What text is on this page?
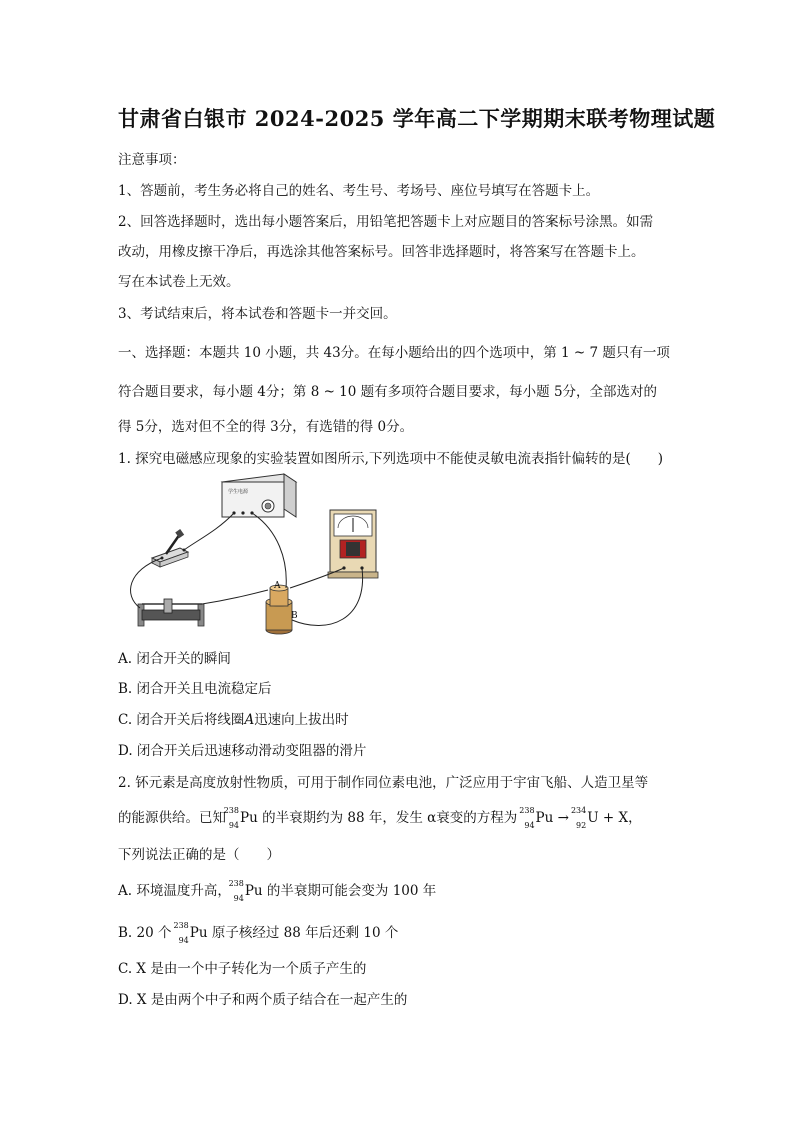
甘肃省白银市 2024-2025 学年高二下学期期末联考物理试题
注意事项：
1、答题前，考生务必将自己的姓名、考生号、考场号、座位号填写在答题卡上。
2、回答选择题时，选出每小题答案后，用铅笔把答题卡上对应题目的答案标号涂黑。如需
改动，用橡皮擦干净后，再选涂其他答案标号。回答非选择题时，将答案写在答题卡上。
写在本试卷上无效。
3、考试结束后，将本试卷和答题卡一并交回。
一、选择题：本题共 10 小题，共 43分。在每小题给出的四个选项中，第 1 ~ 7 题只有一项
符合题目要求，每小题 4分；第 8 ~ 10 题有多项符合题目要求，每小题 5分，全部选对的
得 5分，选对但不全的得 3分，有选错的得 0分。
1. 探究电磁感应现象的实验装置如图所示,下列选项中不能使灵敏电流表指针偏转的是(　　)
学生电源
A
B
A. 闭合开关的瞬间
B. 闭合开关且电流稳定后
C. 闭合开关后将线圈A迅速向上拔出时
D. 闭合开关后迅速移动滑动变阻器的滑片
2. 钚元素是高度放射性物质，可用于制作同位素电池，广泛应用于宇宙飞船、人造卫星等
的能源供给。已知
238
94 Pu 的半衰期约为 88 年，发生 α衰变的方程为 238
94 Pu → 234
92 U + X，
下列说法正确的是（　　）
A. 环境温度升高，
238
94 Pu 的半衰期可能会变为 100 年
B. 20 个 238
94 Pu 原子核经过 88 年后还剩 10 个
C. X 是由一个中子转化为一个质子产生的
D. X 是由两个中子和两个质子结合在一起产生的
